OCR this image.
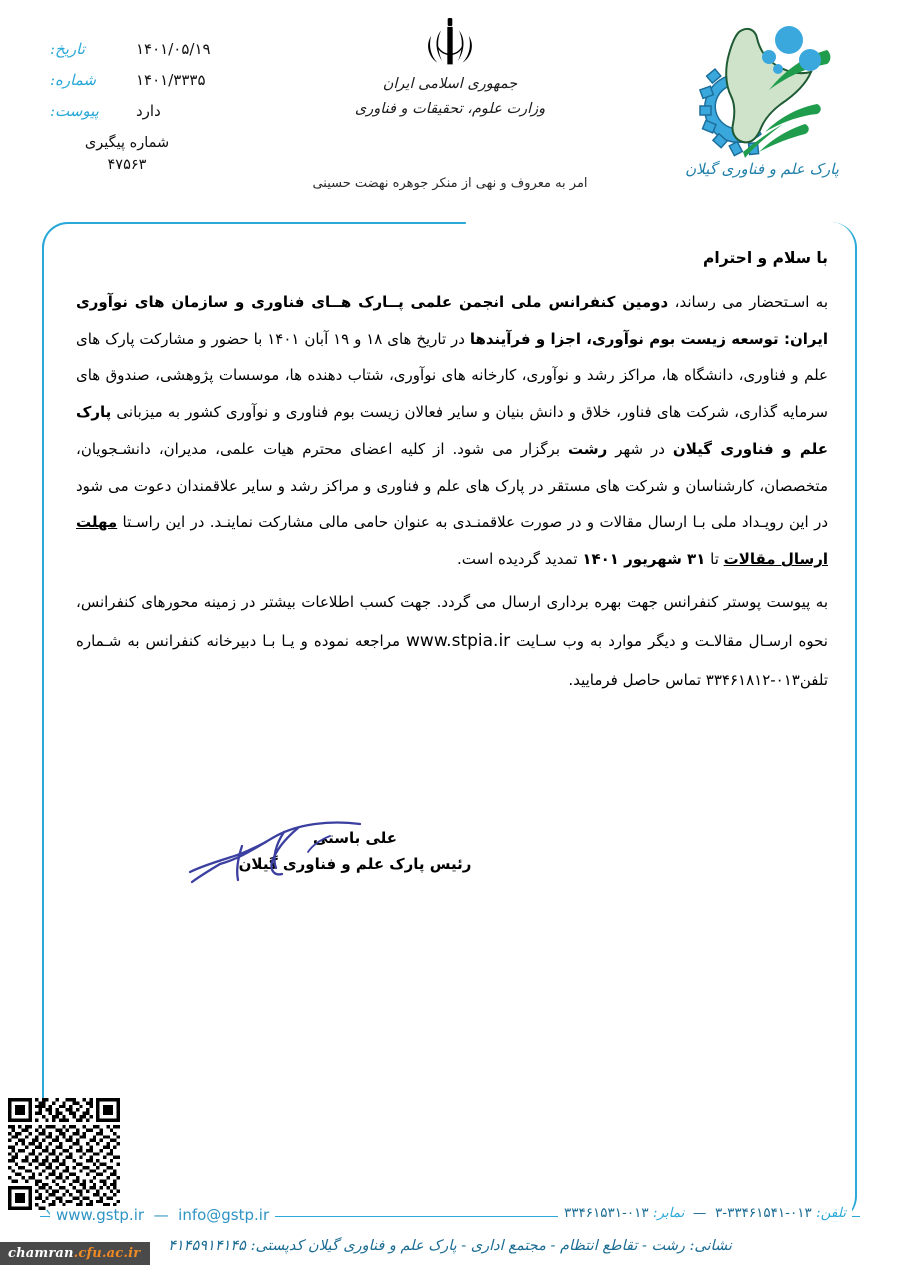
تاریخ:	۱۴۰۱/۰۵/۱۹
شماره:	۱۴۰۱/۳۳۳۵
پیوست:	دارد
شماره پیگیری
۴۷۵۶۳
جمهوری اسلامی ایران
وزارت علوم، تحقیقات و فناوری
امر به معروف و نهی از منکر جوهره نهضت حسینی
پارک علم و فناوری گیلان
با سلام و احترام

به اسـتحضار می رساند، دومین کنفرانس ملی انجمن علمی پــارک هــای فناوری و سازمان های نوآوری ایران: توسعه زیست بوم نوآوری، اجزا و فرآیندها در تاریخ های ۱۸ و ۱۹ آبان ۱۴۰۱ با حضور و مشارکت پارک های علم و فناوری، دانشگاه ها، مراکز رشد و نوآوری، کارخانه های نوآوری، شتاب دهنده ها، موسسات پژوهشی، صندوق های سرمایه گذاری، شرکت های فناور، خلاق و دانش بنیان و سایر فعالان زیست بوم فناوری و نوآوری کشور به میزبانی پارک علم و فناوری گیلان در شهر رشت برگزار می شود. از کلیه اعضای محترم هیات علمی، مدیران، دانشـجویان، متخصصان، کارشناسان و شرکت های مستقر در پارک های علم و فناوری و مراکز رشد و سایر علاقمندان دعوت می شود در این رویـداد ملی بـا ارسال مقالات و در صورت علاقمنـدی به عنوان حامی مالی مشارکت نماینـد. در این راسـتا مهلت ارسال مقالات تا ۳۱ شهریور ۱۴۰۱ تمدید گردیده است.

به پیوست پوستر کنفرانس جهت بهره برداری ارسال می گردد. جهت کسب اطلاعات بیشتر در زمینه محورهای کنفرانس، نحوه ارسـال مقالاـت و دیگر موارد به وب سـایت www.stpia.ir مراجعه نموده و یـا بـا دبیرخانه کنفرانس به شـماره تلفن۰۱۳-۳۳۴۶۱۸۱۲ تماس حاصل فرمایید.

علی باستی
رئیس پارک علم و فناوری گیلان
www.gstp.ir  —  info@gstp.ir	تلفن: ۰۱۳-۳۳۴۶۱۵۴۱-۳  —  نمابر: ۰۱۳-۳۳۴۶۱۵۳۱
نشانی: رشت - تقاطع انتظام - مجتمع اداری - پارک علم و فناوری گیلان کدپستی: ۴۱۴۵۹۱۴۱۴۵
chamran.cfu.ac.ir
